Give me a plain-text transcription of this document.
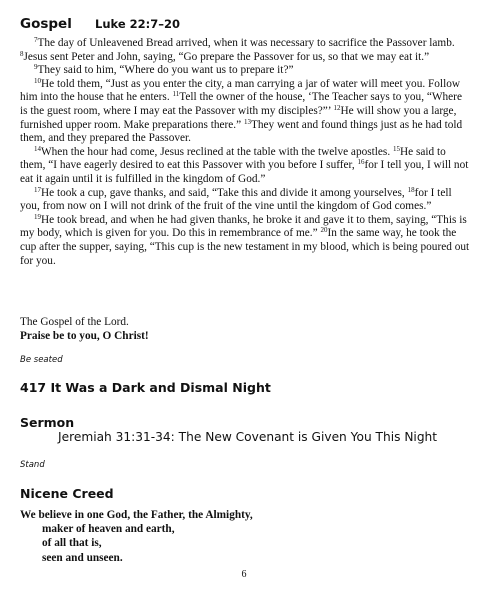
Gospel Luke 22:7–20

$^7$The day of Unleavened Bread arrived, when it was necessary to sacrifice the Passover lamb. $^8$Jesus sent Peter and John, saying, “Go prepare the Passover for us, so that we may eat it.”

$^9$They said to him, “Where do you want us to prepare it?”

$^{10}$He told them, “Just as you enter the city, a man carrying a jar of water will meet you. Follow him into the house that he enters. $^{11}$Tell the owner of the house, ‘The Teacher says to you, “Where is the guest room, where I may eat the Passover with my disciples?”’ $^{12}$He will show you a large, furnished upper room. Make preparations there.” $^{13}$They went and found things just as he had told them, and they prepared the Passover.

$^{14}$When the hour had come, Jesus reclined at the table with the twelve apostles. $^{15}$He said to them, “I have eagerly desired to eat this Passover with you before I suffer, $^{16}$for I tell you, I will not eat it again until it is fulfilled in the kingdom of God.”

$^{17}$He took a cup, gave thanks, and said, “Take this and divide it among yourselves, $^{18}$for I tell you, from now on I will not drink of the fruit of the vine until the kingdom of God comes.”

$^{19}$He took bread, and when he had given thanks, he broke it and gave it to them, saying, “This is my body, which is given for you. Do this in remembrance of me.” $^{20}$In the same way, he took the cup after the supper, saying, “This cup is the new testament in my blood, which is being poured out for you.

The Gospel of the Lord.
Praise be to you, O Christ!
Be seated
417 It Was a Dark and Dismal Night
Sermon
Jeremiah 31:31-34: The New Covenant is Given You This Night
Stand
Nicene Creed
We believe in one God, the Father, the Almighty,
maker of heaven and earth,
of all that is,
seen and unseen.
6
